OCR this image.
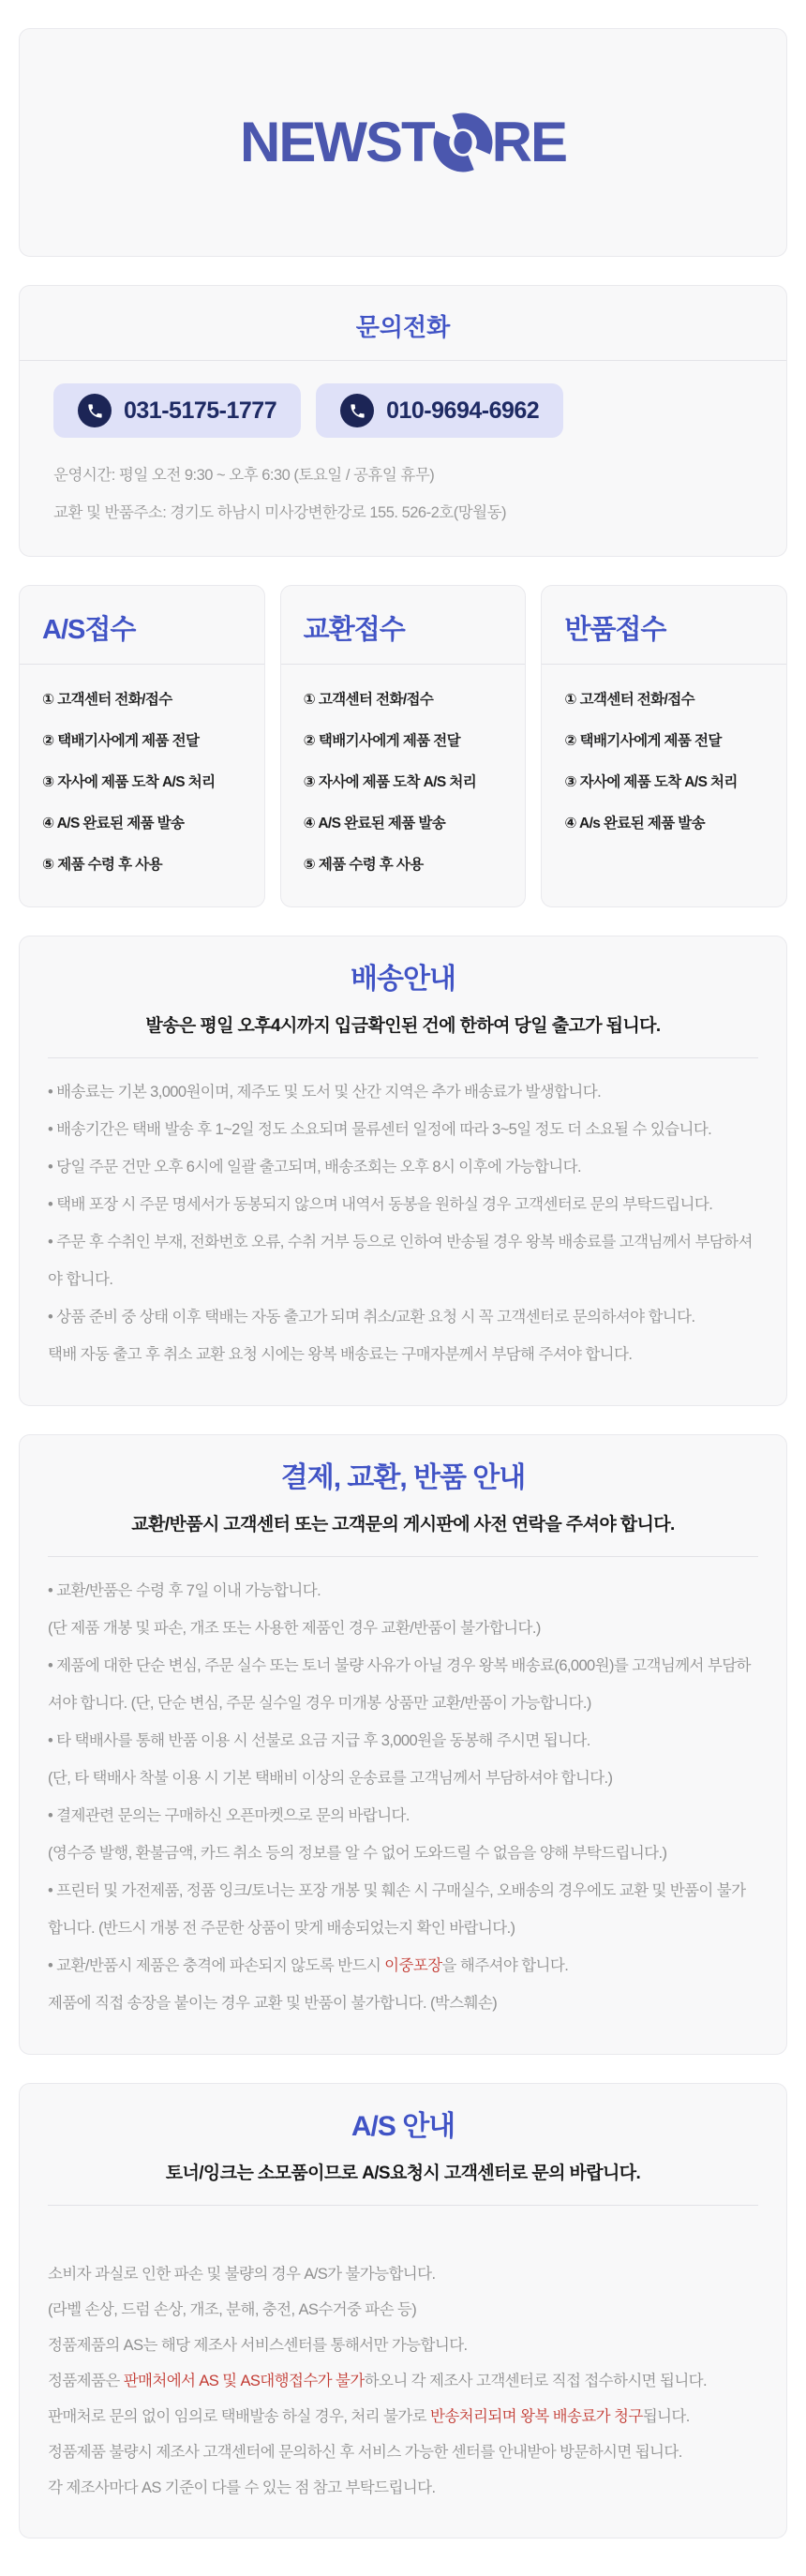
NEWST RE
문의전화
031-5175-1777	010-9694-6962

운영시간: 평일 오전 9:30 ~ 오후 6:30 (토요일 / 공휴일 휴무)

교환 및 반품주소: 경기도 하남시 미사강변한강로 155. 526-2호(망월동)

A/S접수

① 고객센터 전화/접수

② 택배기사에게 제품 전달

③ 자사에 제품 도착 A/S 처리

④ A/S 완료된 제품 발송

⑤ 제품 수령 후 사용

교환접수

① 고객센터 전화/접수

② 택배기사에게 제품 전달

③ 자사에 제품 도착 A/S 처리

④ A/S 완료된 제품 발송

⑤ 제품 수령 후 사용

반품접수

① 고객센터 전화/접수

② 택배기사에게 제품 전달

③ 자사에 제품 도착 A/S 처리

④ A/s 완료된 제품 발송

배송안내
발송은 평일 오후4시까지 입금확인된 건에 한하여 당일 출고가 됩니다.

• 배송료는 기본 3,000원이며, 제주도 및 도서 및 산간 지역은 추가 배송료가 발생합니다.

• 배송기간은 택배 발송 후 1~2일 정도 소요되며 물류센터 일정에 따라 3~5일 정도 더 소요될 수 있습니다.

• 당일 주문 건만 오후 6시에 일괄 출고되며, 배송조회는 오후 8시 이후에 가능합니다.

• 택배 포장 시 주문 명세서가 동봉되지 않으며 내역서 동봉을 원하실 경우 고객센터로 문의 부탁드립니다.

• 주문 후 수취인 부재, 전화번호 오류, 수취 거부 등으로 인하여 반송될 경우 왕복 배송료를 고객님께서 부담하셔야 합니다.

• 상품 준비 중 상태 이후 택배는 자동 출고가 되며 취소/교환 요청 시 꼭 고객센터로 문의하셔야 합니다.

택배 자동 출고 후 취소 교환 요청 시에는 왕복 배송료는 구매자분께서 부담해 주셔야 합니다.

결제, 교환, 반품 안내
교환/반품시 고객센터 또는 고객문의 게시판에 사전 연락을 주셔야 합니다.

• 교환/반품은 수령 후 7일 이내 가능합니다.

(단 제품 개봉 및 파손, 개조 또는 사용한 제품인 경우 교환/반품이 불가합니다.)

• 제품에 대한 단순 변심, 주문 실수 또는 토너 불량 사유가 아닐 경우 왕복 배송료(6,000원)를 고객님께서 부담하셔야 합니다. (단, 단순 변심, 주문 실수일 경우 미개봉 상품만 교환/반품이 가능합니다.)

• 타 택배사를 통해 반품 이용 시 선불로 요금 지급 후 3,000원을 동봉해 주시면 됩니다.

(단, 타 택배사 착불 이용 시 기본 택배비 이상의 운송료를 고객님께서 부담하셔야 합니다.)

• 결제관련 문의는 구매하신 오픈마켓으로 문의 바랍니다.

(영수증 발행, 환불금액, 카드 취소 등의 정보를 알 수 없어 도와드릴 수 없음을 양해 부탁드립니다.)

• 프린터 및 가전제품, 정품 잉크/토너는 포장 개봉 및 훼손 시 구매실수, 오배송의 경우에도 교환 및 반품이 불가합니다. (반드시 개봉 전 주문한 상품이 맞게 배송되었는지 확인 바랍니다.)

• 교환/반품시 제품은 충격에 파손되지 않도록 반드시 이중포장을 해주셔야 합니다.

제품에 직접 송장을 붙이는 경우 교환 및 반품이 불가합니다. (박스훼손)

A/S 안내
토너/잉크는 소모품이므로 A/S요청시 고객센터로 문의 바랍니다.

소비자 과실로 인한 파손 및 불량의 경우 A/S가 불가능합니다.

(라벨 손상, 드럼 손상, 개조, 분해, 충전, AS수거중 파손 등)

정품제품의 AS는 해당 제조사 서비스센터를 통해서만 가능합니다.

정품제품은 판매처에서 AS 및 AS대행접수가 불가하오니 각 제조사 고객센터로 직접 접수하시면 됩니다.

판매처로 문의 없이 임의로 택배발송 하실 경우, 처리 불가로 반송처리되며 왕복 배송료가 청구됩니다.

정품제품 불량시 제조사 고객센터에 문의하신 후 서비스 가능한 센터를 안내받아 방문하시면 됩니다.

각 제조사마다 AS 기준이 다를 수 있는 점 참고 부탁드립니다.
